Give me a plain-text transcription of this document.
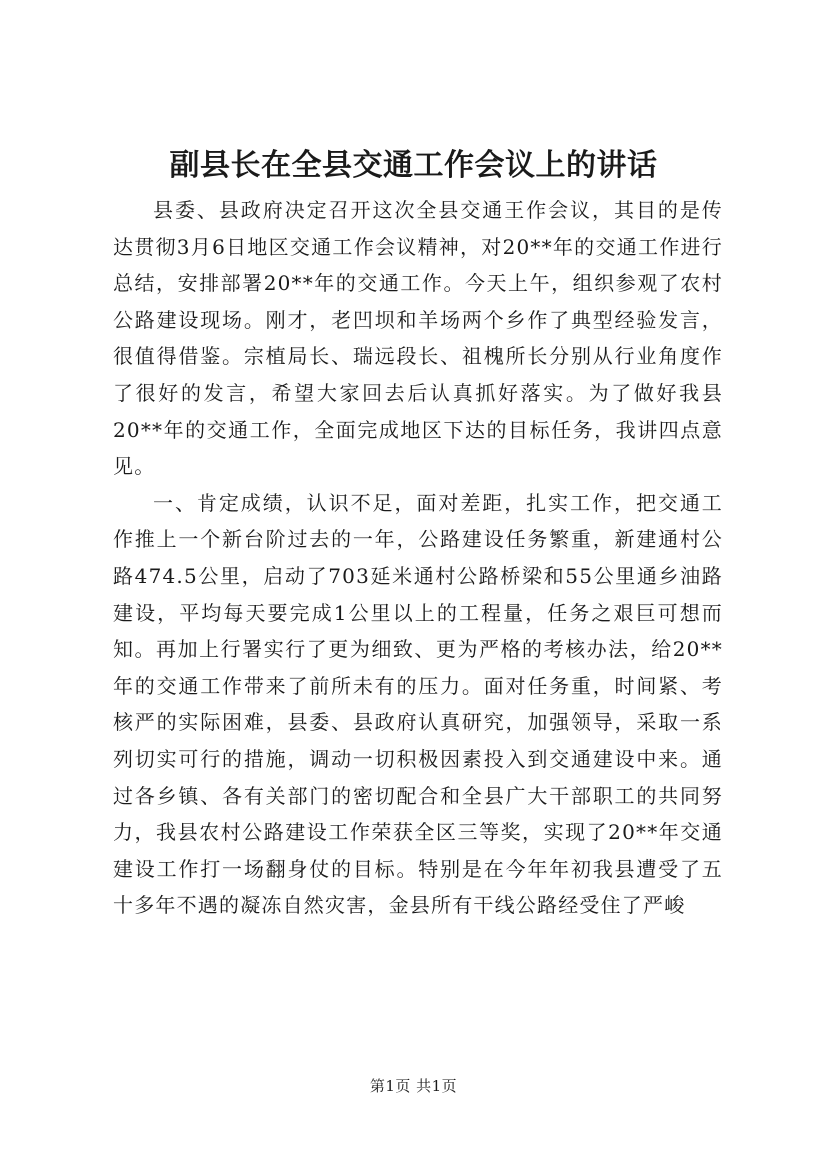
副县长在全县交通工作会议上的讲话

县委、县政府决定召开这次全县交通王作会议，其目的是传达贯彻3月6日地区交通工作会议精神，对20**年的交通工作进行总结，安排部署20**年的交通工作。今天上午，组织参观了农村公路建设现场。刚才，老凹坝和羊场两个乡作了典型经验发言，很值得借鉴。宗植局长、瑞远段长、祖槐所长分别从行业角度作了很好的发言，希望大家回去后认真抓好落实。为了做好我县20**年的交通工作，全面完成地区下达的目标任务，我讲四点意见。

一、肯定成绩，认识不足，面对差距，扎实工作，把交通工作推上一个新台阶过去的一年，公路建设任务繁重，新建通村公路474.5公里，启动了703延米通村公路桥梁和55公里通乡油路建设，平均每天要完成1公里以上的工程量，任务之艰巨可想而知。再加上行署实行了更为细致、更为严格的考核办法，给20**年的交通工作带来了前所未有的压力。面对任务重，时间紧、考核严的实际困难，县委、县政府认真研究，加强领导，采取一系列切实可行的措施，调动一切积极因素投入到交通建设中来。通过各乡镇、各有关部门的密切配合和全县广大干部职工的共同努力，我县农村公路建设工作荣获全区三等奖，实现了20**年交通建设工作打一场翻身仗的目标。特别是在今年年初我县遭受了五十多年不遇的凝冻自然灾害，金县所有干线公路经受住了严峻

第1页 共1页
